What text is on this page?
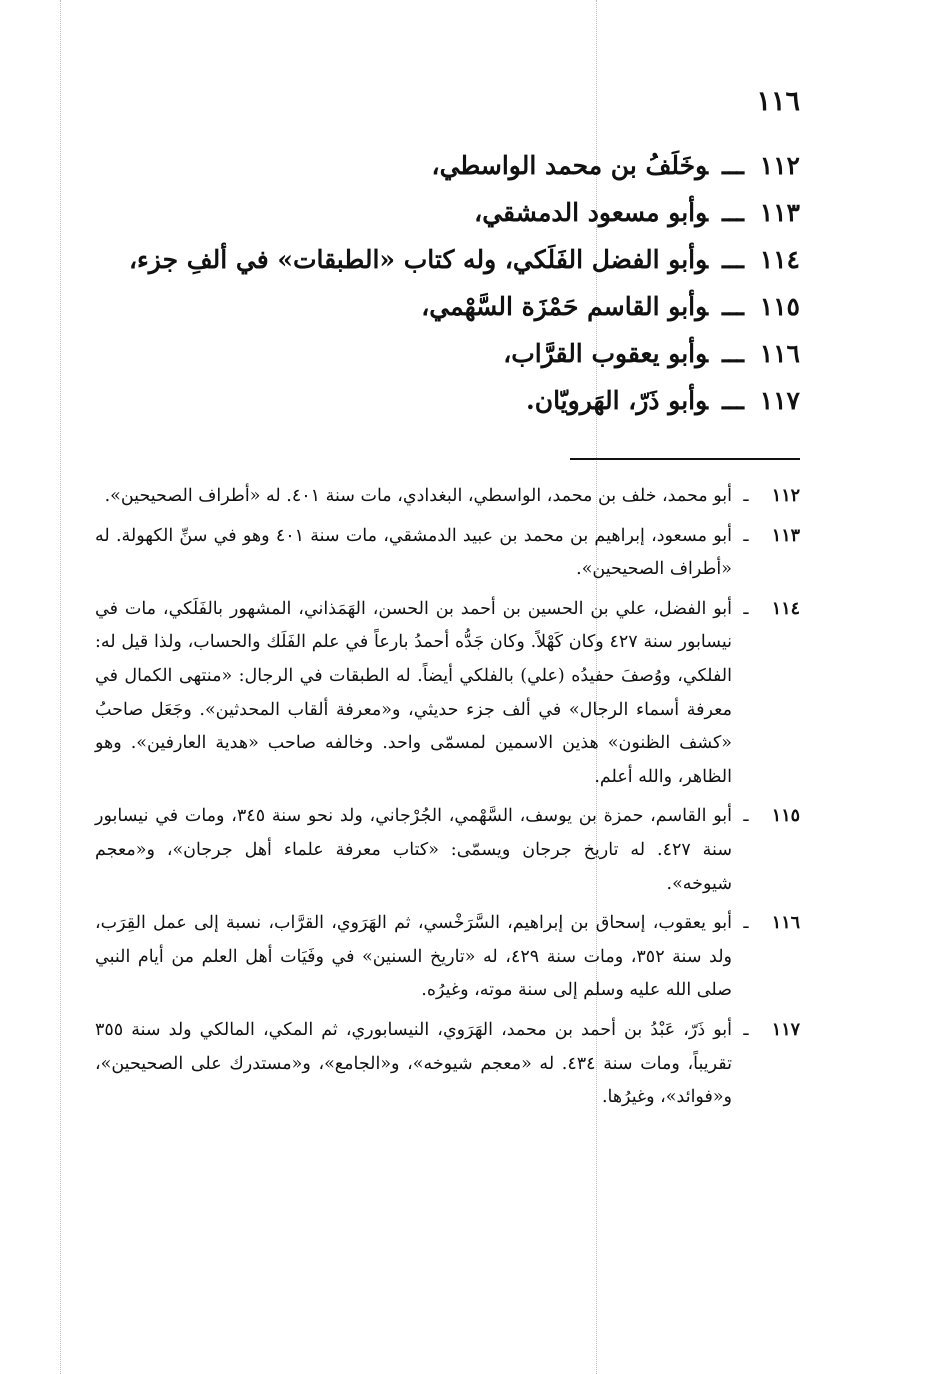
١١٦
١١٢ـــوخَلَفُ بن محمد الواسطي،
١١٣ـــوأبو مسعود الدمشقي،
١١٤ـــوأبو الفضل الفَلَكي، وله كتاب «الطبقات» في ألفِ جزء،
١١٥ـــوأبو القاسم حَمْزَة السَّهْمي،
١١٦ـــوأبو يعقوب القرَّاب،
١١٧ـــوأبو ذَرّ، الهَرويّان.
١١٢ـأبو محمد، خلف بن محمد، الواسطي، البغدادي، مات سنة ٤٠١. له «أطراف الصحيحين».
١١٣ـأبو مسعود، إبراهيم بن محمد بن عبيد الدمشقي، مات سنة ٤٠١ وهو في سنِّ الكهولة. له «أطراف الصحيحين».
١١٤ـأبو الفضل، علي بن الحسين بن أحمد بن الحسن، الهَمَذاني، المشهور بالفَلَكي، مات في نيسابور سنة ٤٢٧ وكان كَهْلاً. وكان جَدُّه أحمدُ بارعاً في علم الفَلَك والحساب، ولذا قيل له: الفلكي، ووُصفَ حفيدُه (علي) بالفلكي أيضاً. له الطبقات في الرجال: «منتهى الكمال في معرفة أسماء الرجال» في ألف جزء حديثي، و«معرفة ألقاب المحدثين». وجَعَل صاحبُ «كشف الظنون» هذين الاسمين لمسمّى واحد. وخالفه صاحب «هدية العارفين». وهو الظاهر، والله أعلم.
١١٥ـأبو القاسم، حمزة بن يوسف، السَّهْمي، الجُرْجاني، ولد نحو سنة ٣٤٥، ومات في نيسابور سنة ٤٢٧. له تاريخ جرجان ويسمّى: «كتاب معرفة علماء أهل جرجان»، و«معجم شيوخه».
١١٦ـأبو يعقوب، إسحاق بن إبراهيم، السَّرَخْسي، ثم الهَرَوي، القرَّاب، نسبة إلى عمل القِرَب، ولد سنة ٣٥٢، ومات سنة ٤٢٩، له «تاريخ السنين» في وفَيَات أهل العلم من أيام النبي صلى الله عليه وسلم إلى سنة موته، وغيرُه.
١١٧ـأبو ذَرّ، عَبْدُ بن أحمد بن محمد، الهَرَوي، النيسابوري، ثم المكي، المالكي ولد سنة ٣٥٥ تقريباً، ومات سنة ٤٣٤. له «معجم شيوخه»، و«الجامع»، و«مستدرك على الصحيحين»، و«فوائد»، وغيرُها.
